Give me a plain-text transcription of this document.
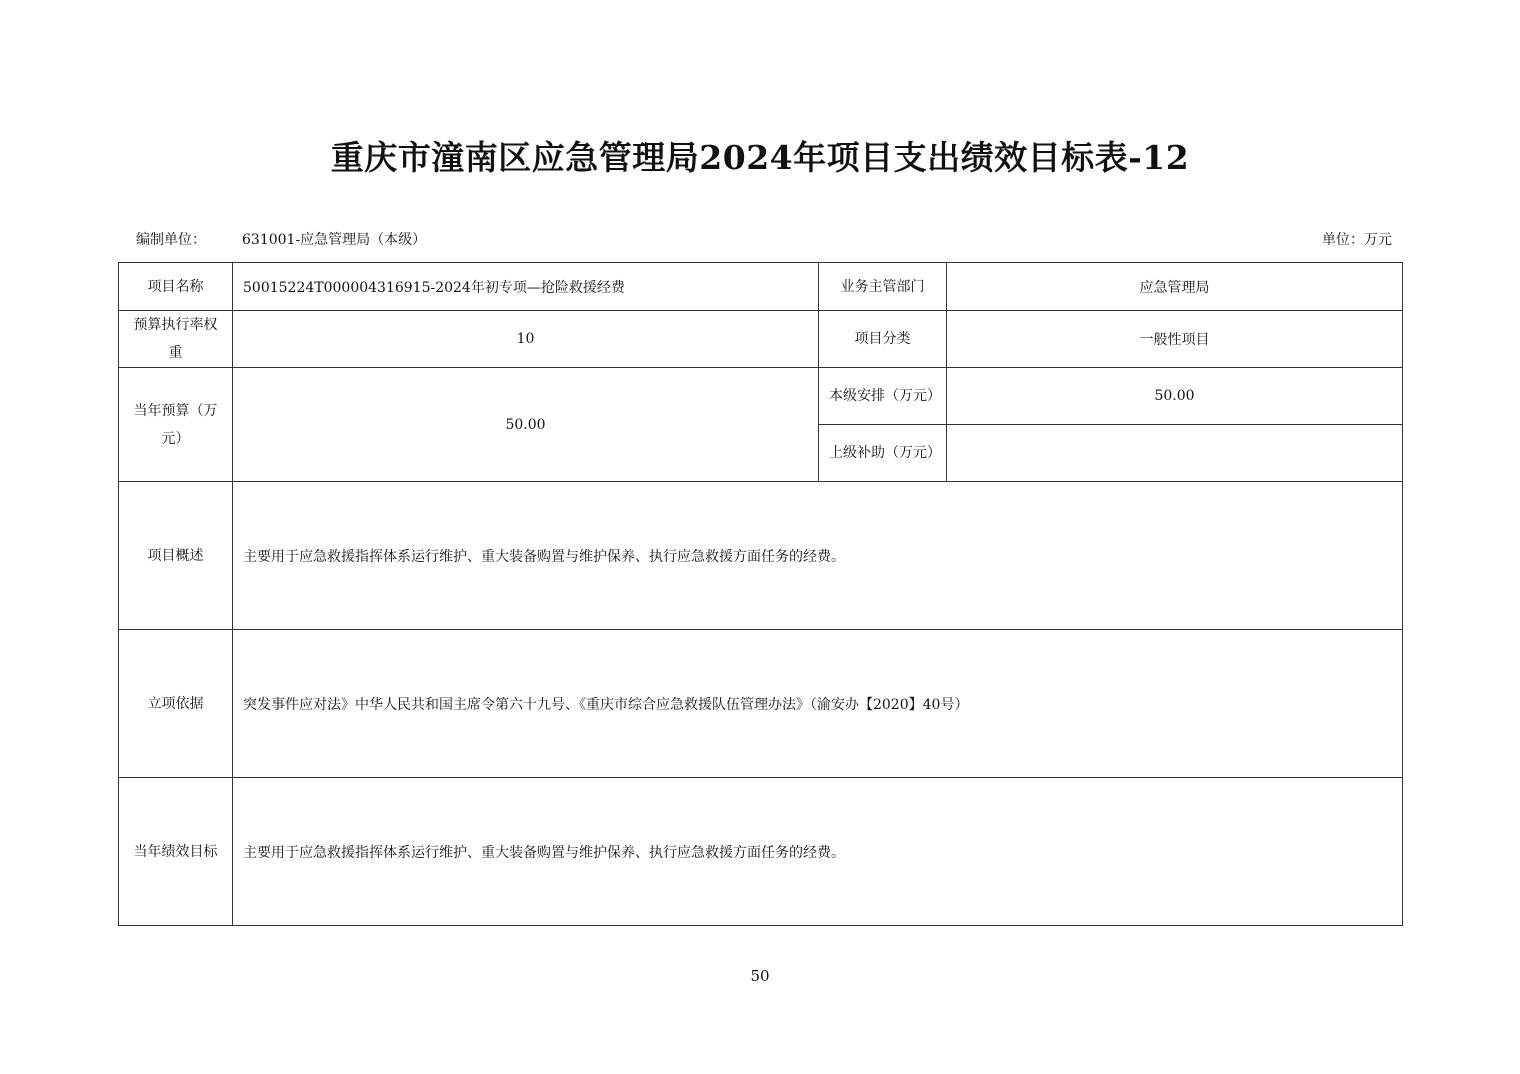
重庆市潼南区应急管理局2024年项目支出绩效目标表-12
编制单位：	631001-应急管理局（本级）	单位：万元
项目名称	50015224T000004316915-2024年初专项—抢险救援经费	业务主管部门	应急管理局
预算执行率权重	10	项目分类	一般性项目
当年预算（万元）	50.00	本级安排（万元）	50.00
		上级补助（万元）	
项目概述	主要用于应急救援指挥体系运行维护、重大装备购置与维护保养、执行应急救援方面任务的经费。		
立项依据	突发事件应对法》中华人民共和国主席令第六十九号、《重庆市综合应急救援队伍管理办法》（渝安办【2020】40号）		
当年绩效目标	主要用于应急救援指挥体系运行维护、重大装备购置与维护保养、执行应急救援方面任务的经费。		
50
